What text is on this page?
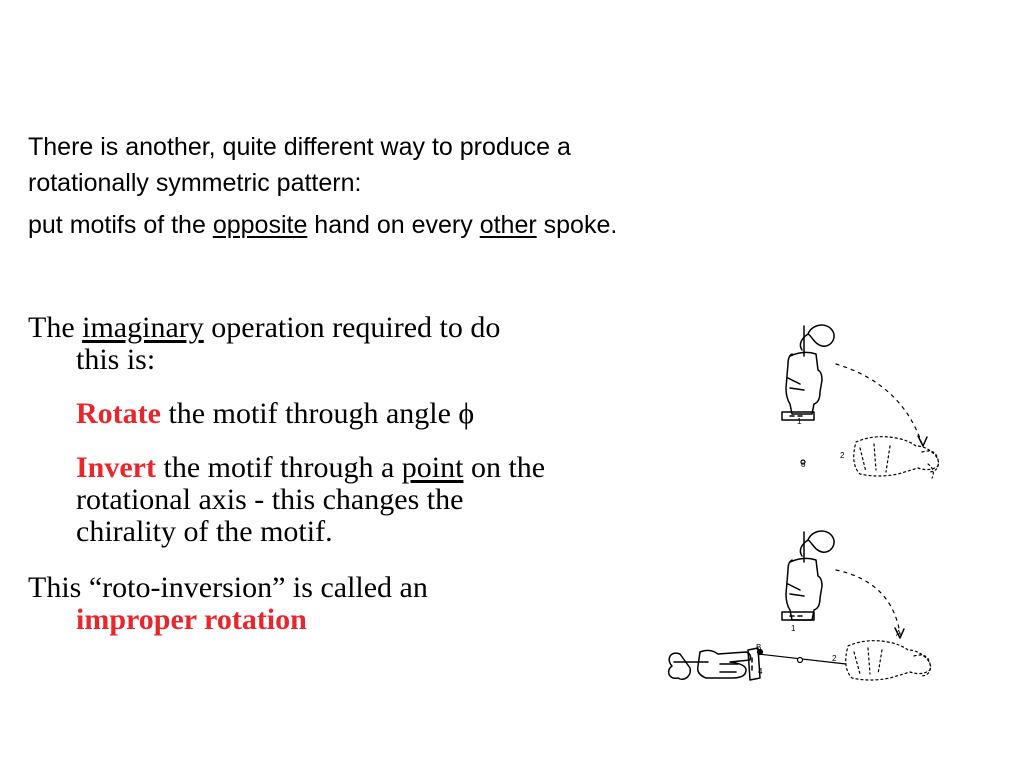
There is another, quite different way to produce a

rotationally symmetric pattern:

put motifs of the opposite hand on every other spoke.

The imaginary operation required to do this is:

Rotate the motif through angle ϕ

Invert the motif through a point on the rotational axis - this changes the chirality of the motif.

This “roto-inversion” is called an improper rotation

1
2
o
B
4
1
2
A
